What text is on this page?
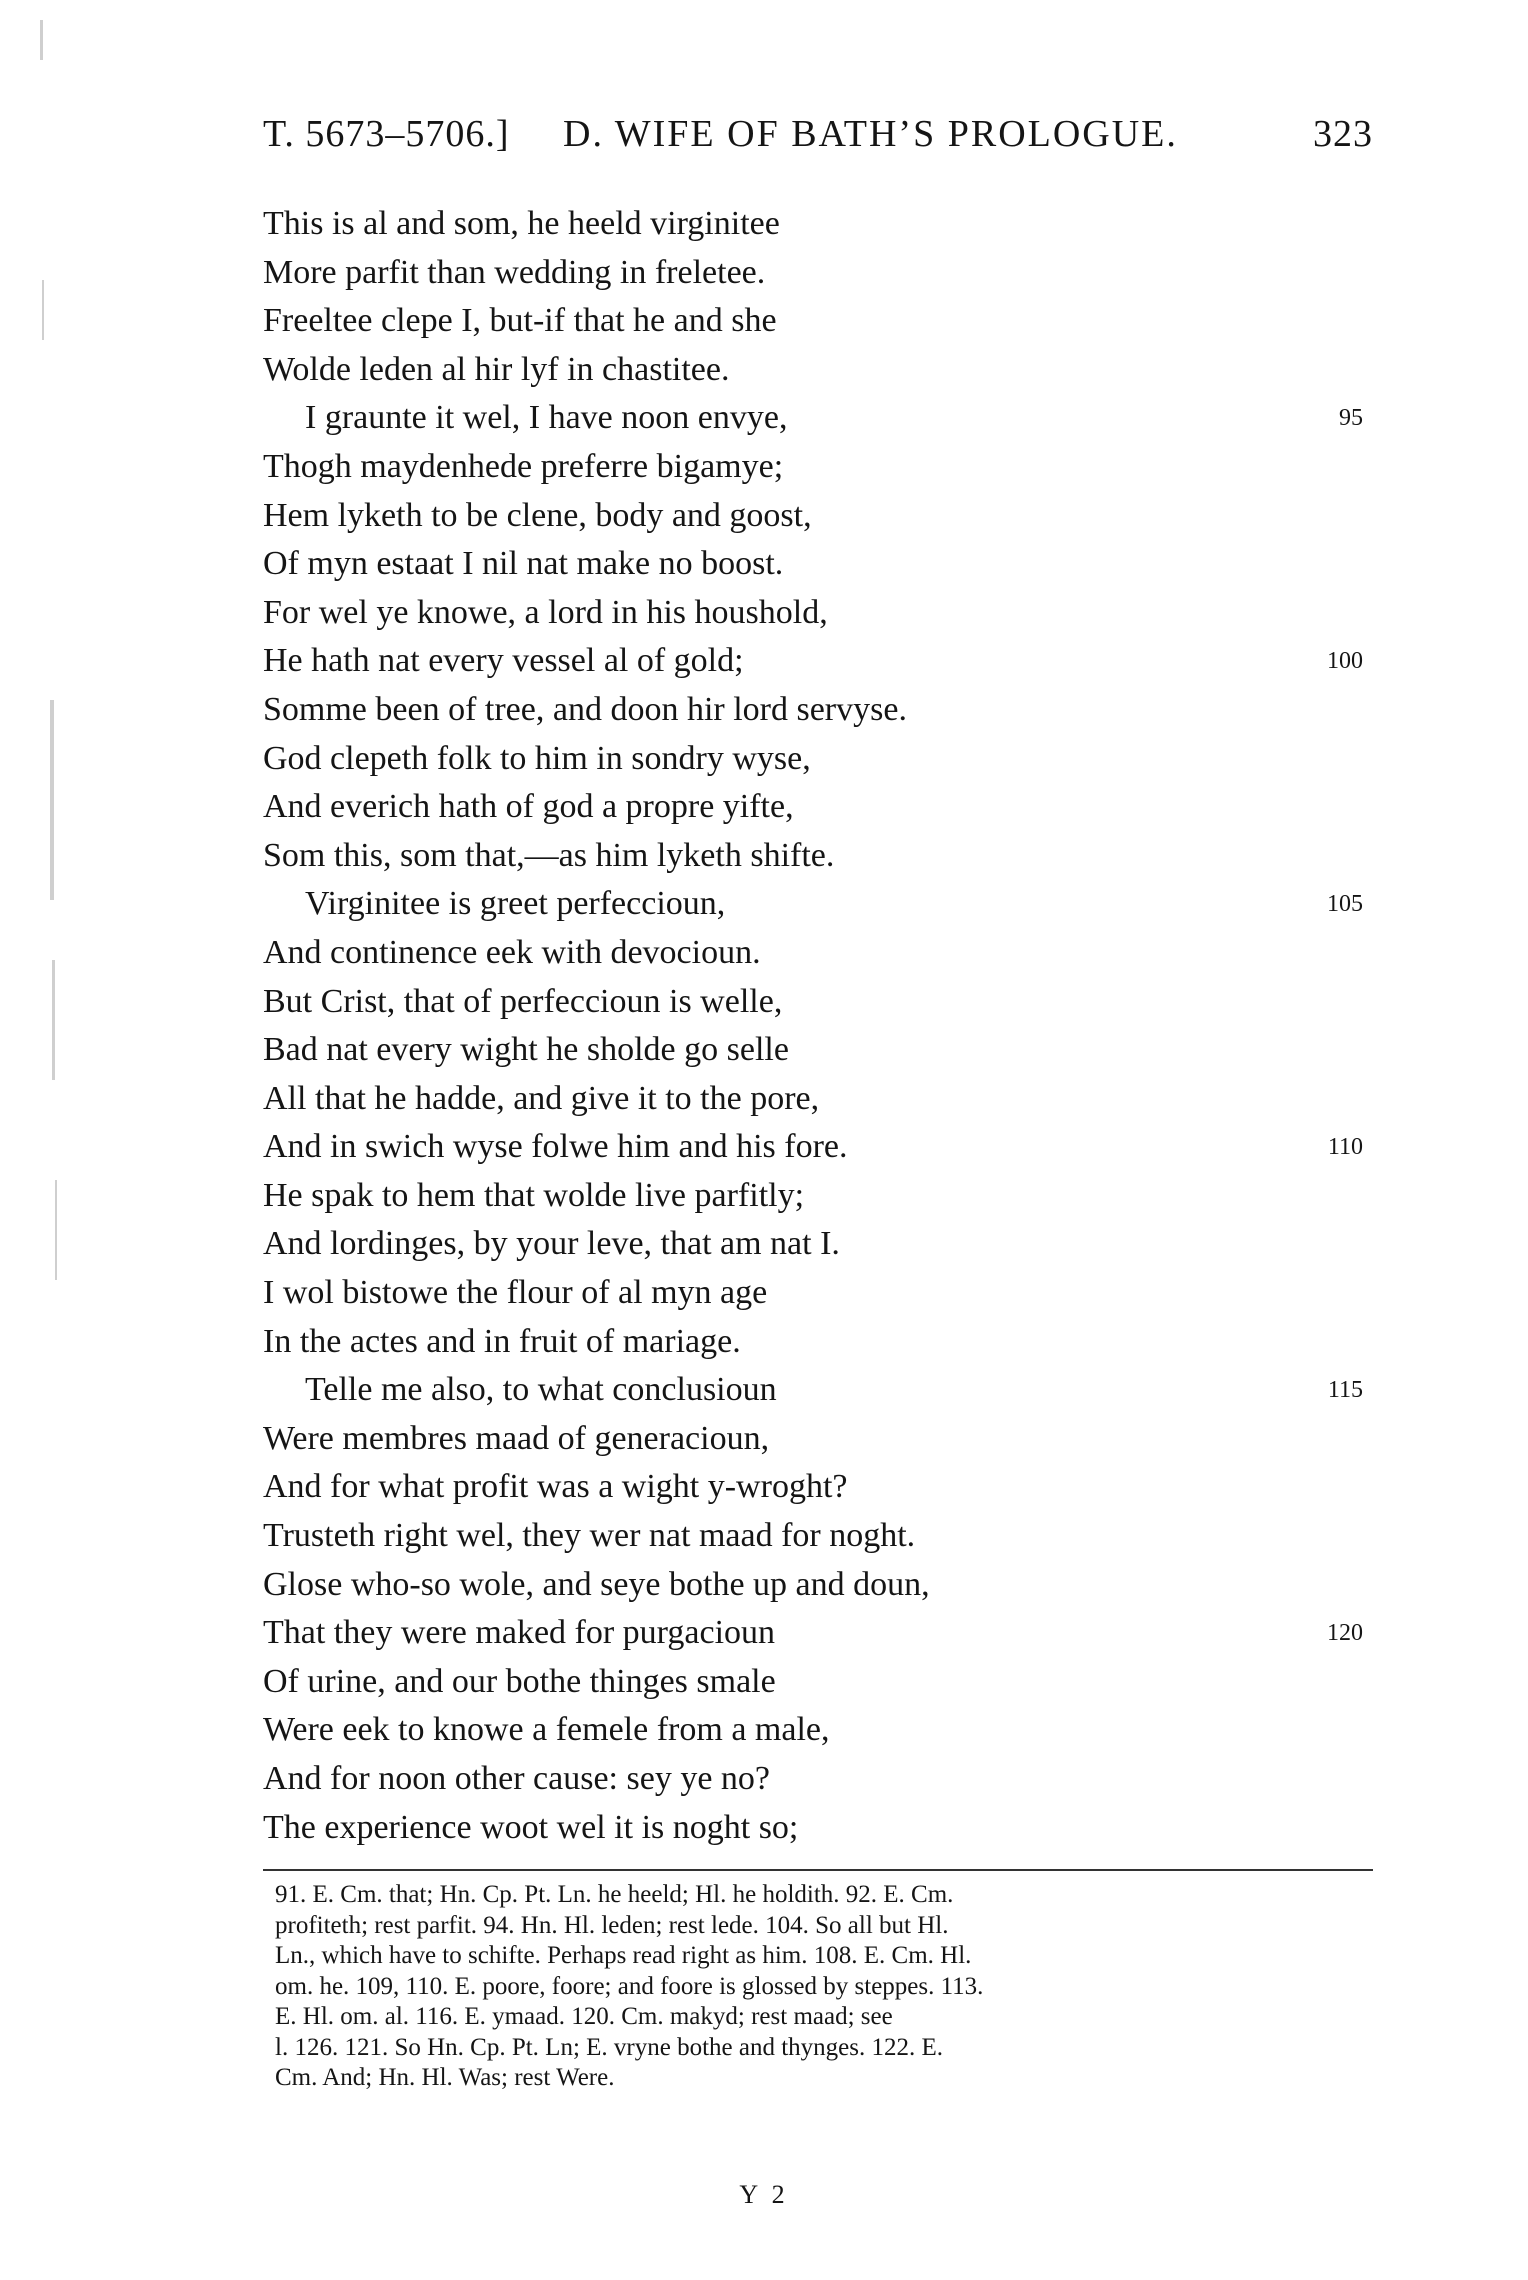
T. 5673–5706.] D. WIFE OF BATH’S PROLOGUE.	323
This is al and som, he heeld virginitee
More parfit than wedding in freletee.
Freeltee clepe I, but-if that he and she
Wolde leden al hir lyf in chastitee.
I graunte it wel, I have noon envye,	95
Thogh maydenhede preferre bigamye;
Hem lyketh to be clene, body and goost,
Of myn estaat I nil nat make no boost.
For wel ye knowe, a lord in his houshold,
He hath nat every vessel al of gold;	100
Somme been of tree, and doon hir lord servyse.
God clepeth folk to him in sondry wyse,
And everich hath of god a propre yifte,
Som this, som that,—as him lyketh shifte.
Virginitee is greet perfeccioun,	105
And continence eek with devocioun.
But Crist, that of perfeccioun is welle,
Bad nat every wight he sholde go selle
All that he hadde, and give it to the pore,
And in swich wyse folwe him and his fore.	110
He spak to hem that wolde live parfitly;
And lordinges, by your leve, that am nat I.
I wol bistowe the flour of al myn age
In the actes and in fruit of mariage.
Telle me also, to what conclusioun	115
Were membres maad of generacioun,
And for what profit was a wight y-wroght?
Trusteth right wel, they wer nat maad for noght.
Glose who-so wole, and seye bothe up and doun,
That they were maked for purgacioun	120
Of urine, and our bothe thinges smale
Were eek to knowe a femele from a male,
And for noon other cause: sey ye no?
The experience woot wel it is noght so;

91. E. Cm. that; Hn. Cp. Pt. Ln. he heeld; Hl. he holdith. 92. E. Cm.

profiteth; rest parfit. 94. Hn. Hl. leden; rest lede. 104. So all but Hl.

Ln., which have to schifte. Perhaps read right as him. 108. E. Cm. Hl.

om. he. 109, 110. E. poore, foore; and foore is glossed by steppes. 113.

E. Hl. om. al. 116. E. ymaad. 120. Cm. makyd; rest maad; see

l. 126. 121. So Hn. Cp. Pt. Ln; E. vryne bothe and thynges. 122. E.

Cm. And; Hn. Hl. Was; rest Were.

Y 2
